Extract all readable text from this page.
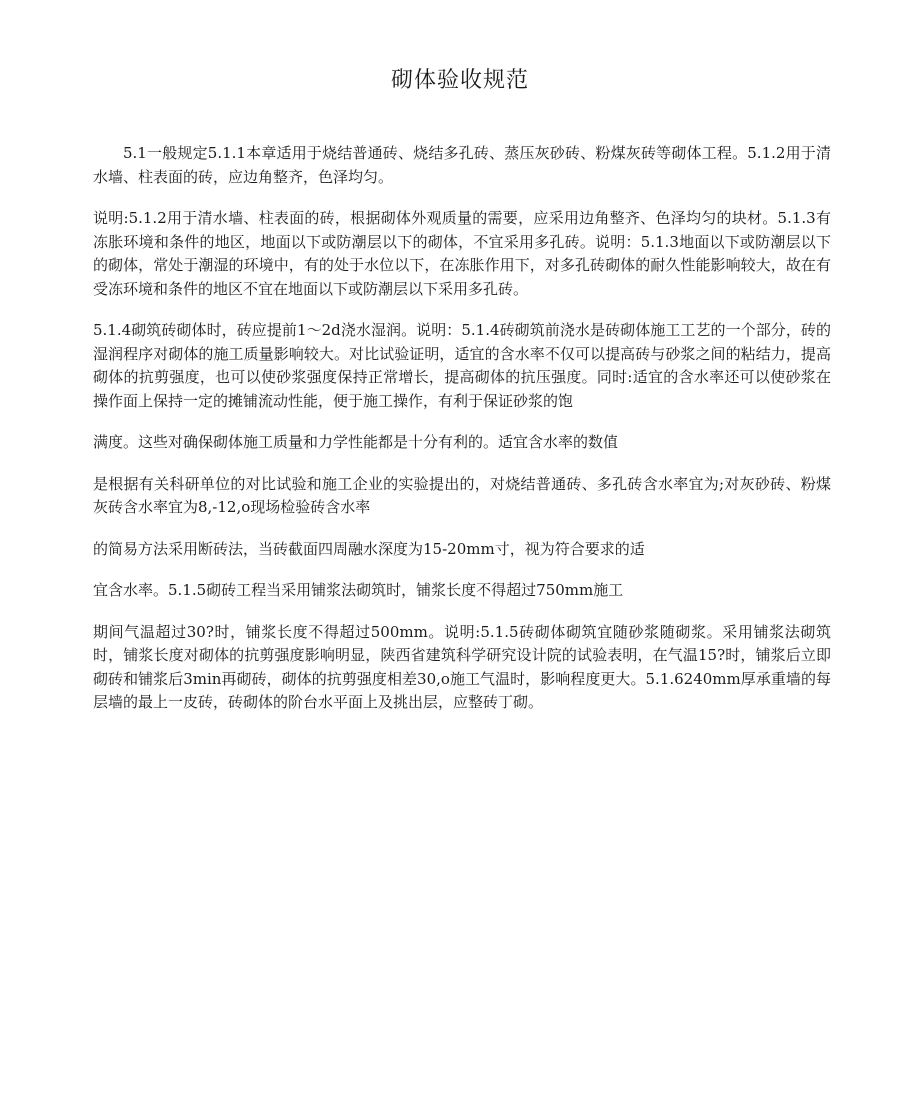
砌体验收规范

5.1一般规定5.1.1本章适用于烧结普通砖、烧结多孔砖、蒸压灰砂砖、粉煤灰砖等砌体工程。5.1.2用于清水墙、柱表面的砖，应边角整齐，色泽均匀。

说明:5.1.2用于清水墙、柱表面的砖，根据砌体外观质量的需要，应采用边角整齐、色泽均匀的块材。5.1.3有冻胀环境和条件的地区，地面以下或防潮层以下的砌体，不宜采用多孔砖。说明：5.1.3地面以下或防潮层以下的砌体，常处于潮湿的环境中，有的处于水位以下，在冻胀作用下，对多孔砖砌体的耐久性能影响较大，故在有受冻环境和条件的地区不宜在地面以下或防潮层以下采用多孔砖。

5.1.4砌筑砖砌体时，砖应提前1～2d浇水湿润。说明：5.1.4砖砌筑前浇水是砖砌体施工工艺的一个部分，砖的湿润程序对砌体的施工质量影响较大。对比试验证明，适宜的含水率不仅可以提高砖与砂浆之间的粘结力，提高砌体的抗剪强度，也可以使砂浆强度保持正常增长，提高砌体的抗压强度。同时:适宜的含水率还可以使砂浆在操作面上保持一定的摊铺流动性能，便于施工操作，有利于保证砂浆的饱

满度。这些对确保砌体施工质量和力学性能都是十分有利的。适宜含水率的数值

是根据有关科研单位的对比试验和施工企业的实验提出的，对烧结普通砖、多孔砖含水率宜为;对灰砂砖、粉煤灰砖含水率宜为8,-12,o现场检验砖含水率

的简易方法采用断砖法，当砖截面四周融水深度为15-20mm寸，视为符合要求的适

宜含水率。5.1.5砌砖工程当采用铺浆法砌筑时，铺浆长度不得超过750mm施工

期间气温超过30?时，铺浆长度不得超过500mm。说明:5.1.5砖砌体砌筑宜随砂浆随砌浆。采用铺浆法砌筑时，铺浆长度对砌体的抗剪强度影响明显，陕西省建筑科学研究设计院的试验表明，在气温15?时，铺浆后立即砌砖和铺浆后3min再砌砖，砌体的抗剪强度相差30,o施工气温时，影响程度更大。5.1.6240mm厚承重墙的每层墙的最上一皮砖，砖砌体的阶台水平面上及挑出层，应整砖丁砌。
